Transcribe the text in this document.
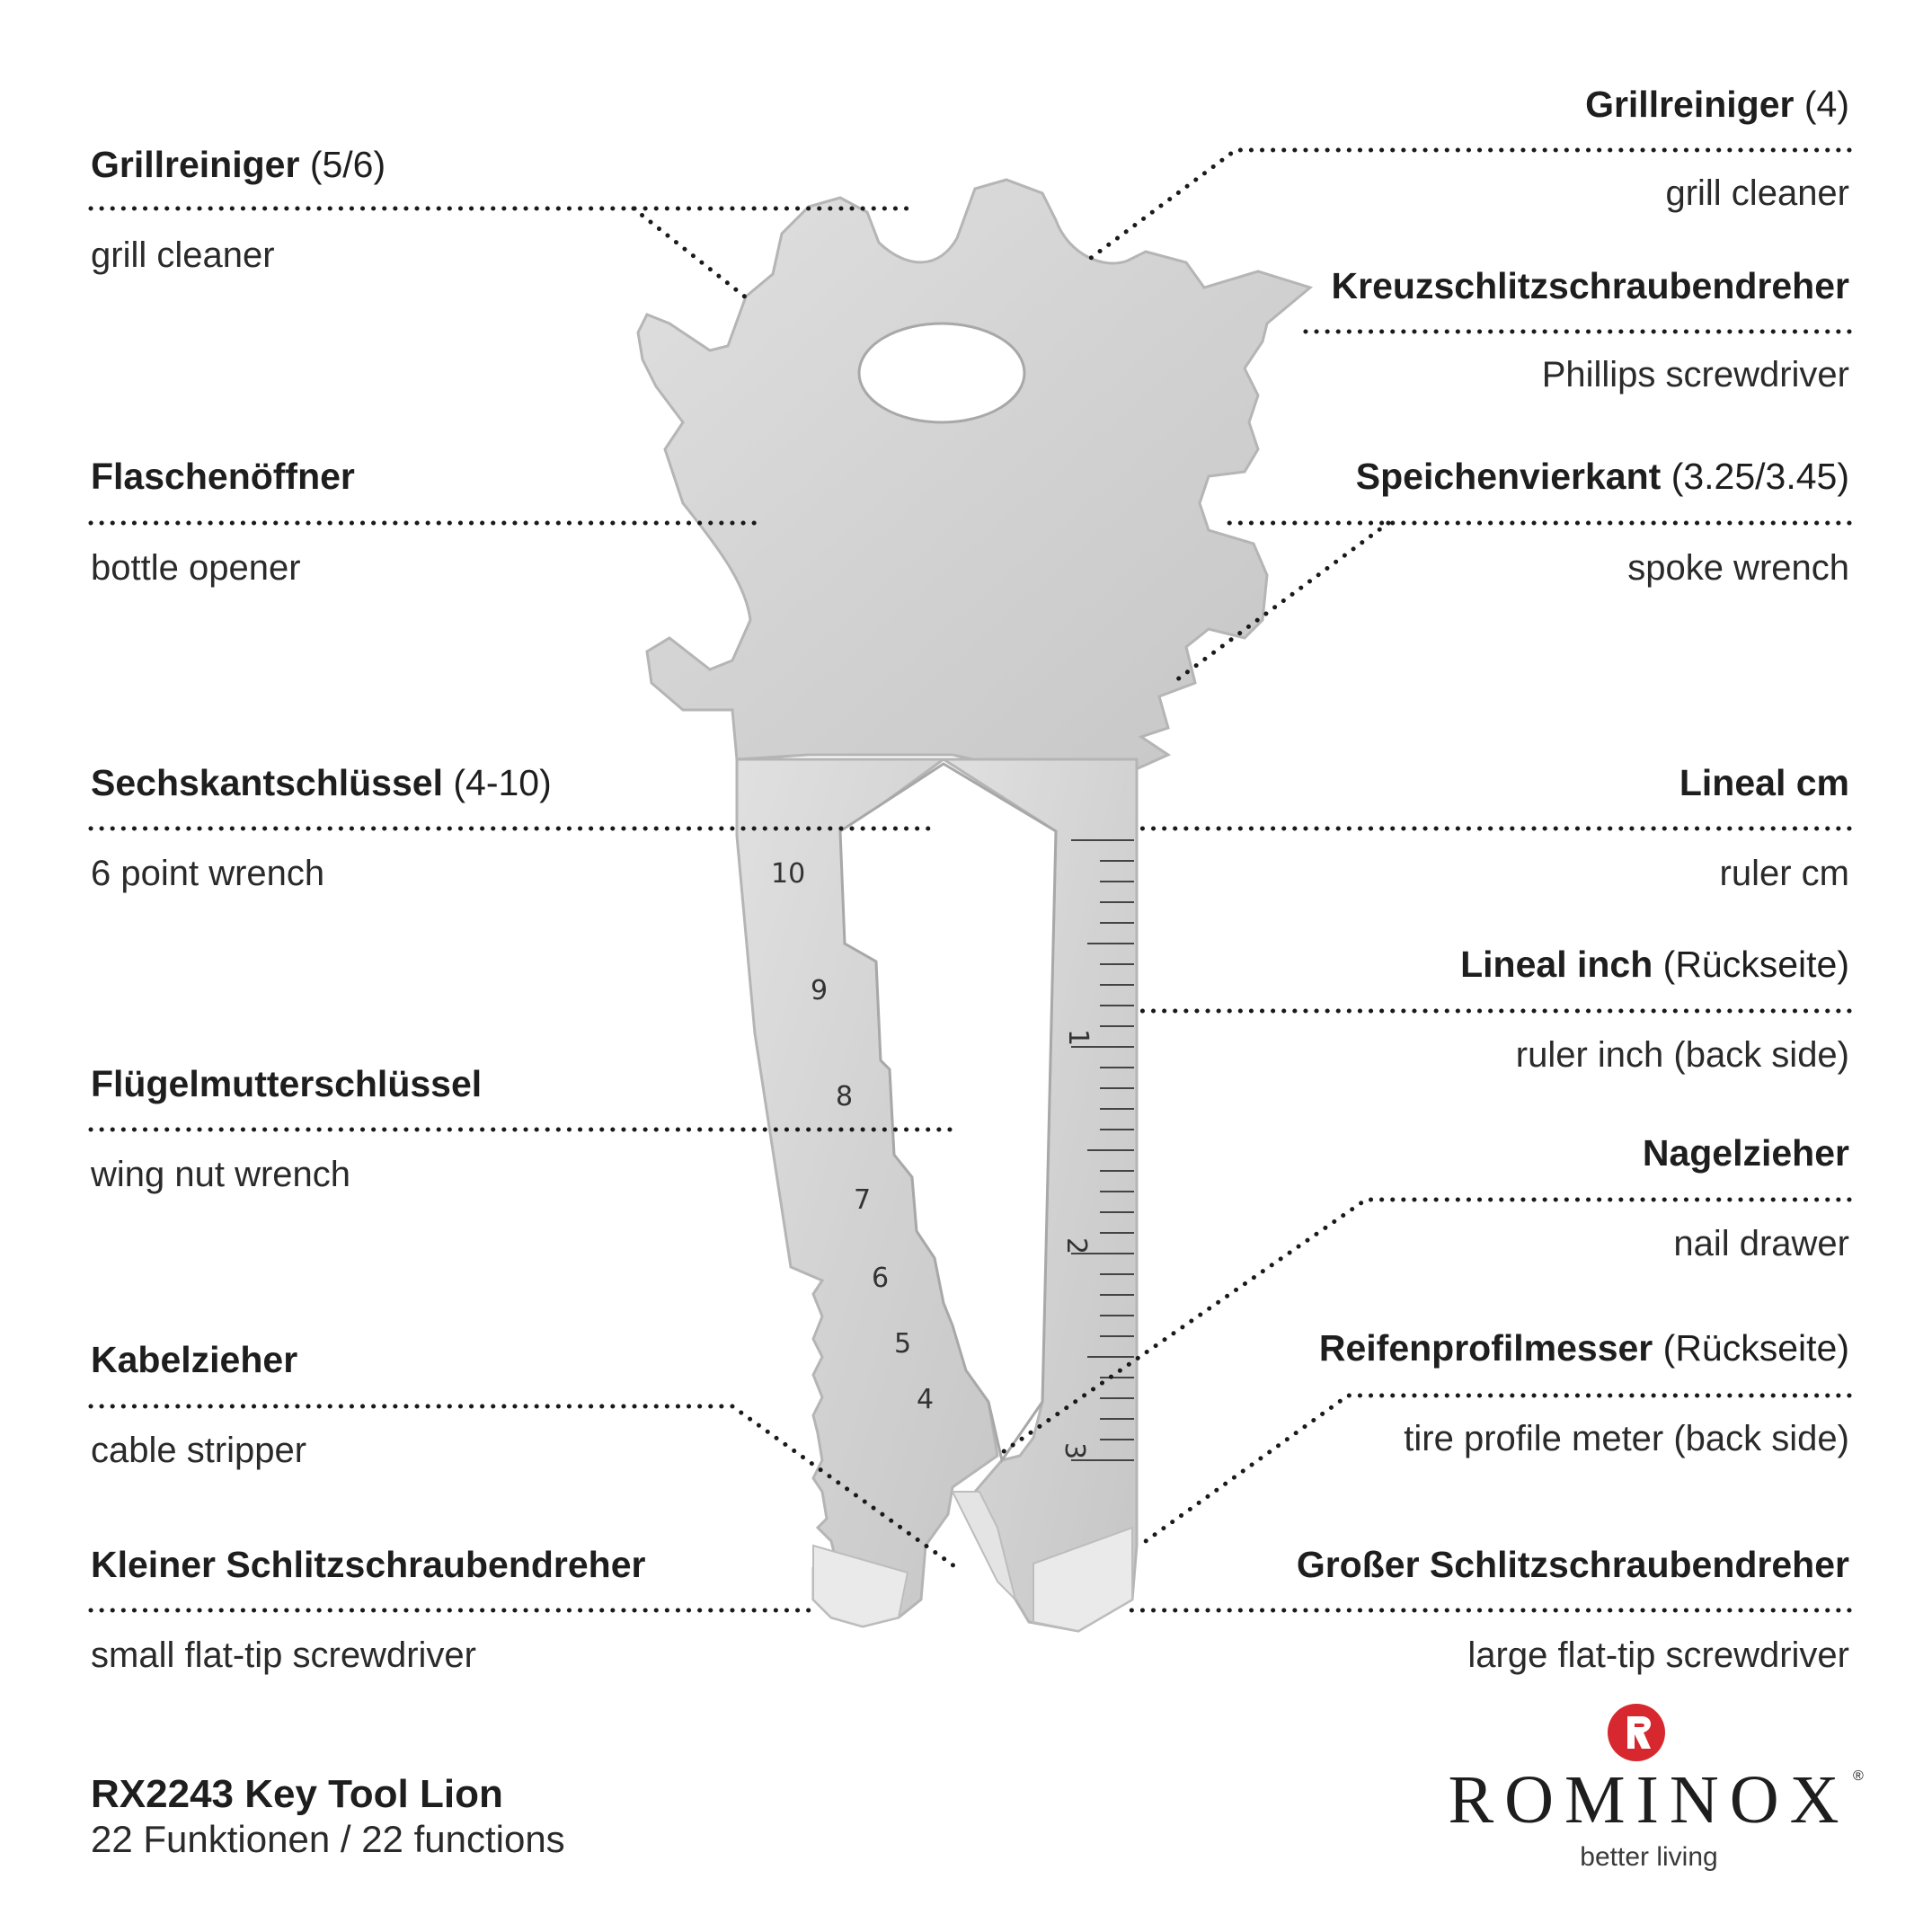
Grillreiniger (5/6)
grill cleaner
Flaschenöffner
bottle opener
Sechskantschlüssel (4-10)
6 point wrench
Flügelmutterschlüssel
wing nut wrench
Kabelzieher
cable stripper
Kleiner Schlitzschraubendreher
small flat-tip screwdriver
Grillreiniger (4)
grill cleaner
Kreuzschlitzschraubendreher
Phillips screwdriver
Speichenvierkant (3.25/3.45)
spoke wrench
Lineal cm
ruler cm
Lineal inch (Rückseite)
ruler inch (back side)
Nagelzieher
nail drawer
Reifenprofilmesser (Rückseite)
tire profile meter (back side)
Großer Schlitzschraubendreher
large flat-tip screwdriver
10
9
8
7
6
5
4
1
2
3
RX2243 Key Tool Lion
22 Funktionen / 22 functions
ROMINOX ®
better living
